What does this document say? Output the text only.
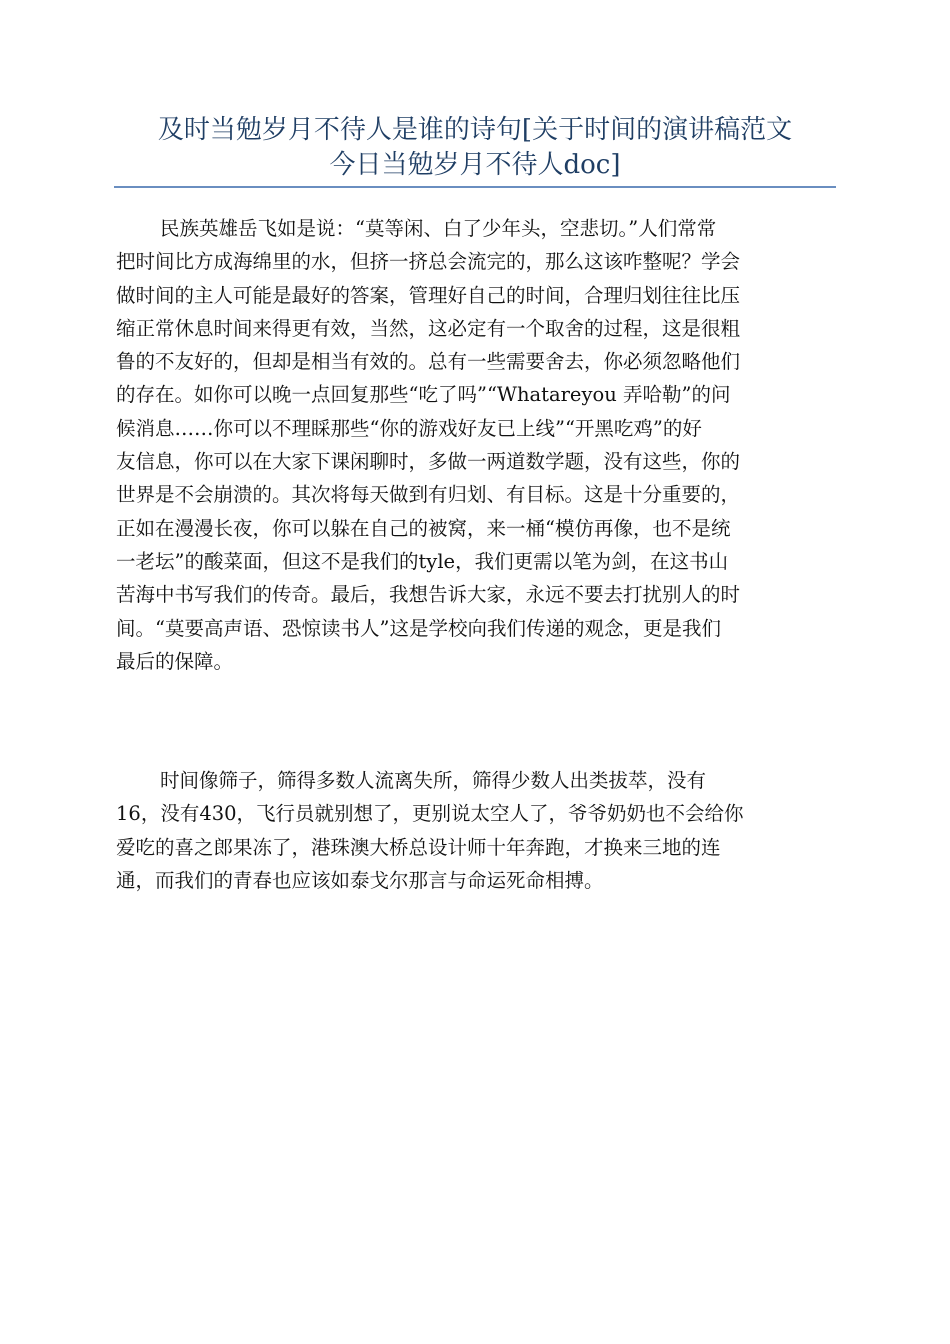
及时当勉岁月不待人是谁的诗句[关于时间的演讲稿范文
今日当勉岁月不待人doc]
民族英雄岳飞如是说：“莫等闲、白了少年头，空悲切。”人们常常
把时间比方成海绵里的水，但挤一挤总会流完的，那么这该咋整呢？学会
做时间的主人可能是最好的答案，管理好自己的时间，合理归划往往比压
缩正常休息时间来得更有效，当然，这必定有一个取舍的过程，这是很粗
鲁的不友好的，但却是相当有效的。总有一些需要舍去，你必须忽略他们
的存在。如你可以晚一点回复那些“吃了吗”“Whatareyou 弄哈勒”的问
候消息……你可以不理睬那些“你的游戏好友已上线”“开黑吃鸡”的好
友信息，你可以在大家下课闲聊时，多做一两道数学题，没有这些，你的
世界是不会崩溃的。其次将每天做到有归划、有目标。这是十分重要的，
正如在漫漫长夜，你可以躲在自己的被窝，来一桶“模仿再像，也不是统
一老坛”的酸菜面，但这不是我们的tyle，我们更需以笔为剑，在这书山
苦海中书写我们的传奇。最后，我想告诉大家，永远不要去打扰别人的时
间。“莫要高声语、恐惊读书人”这是学校向我们传递的观念，更是我们
最后的保障。
时间像筛子，筛得多数人流离失所，筛得少数人出类拔萃，没有
16，没有430，飞行员就别想了，更别说太空人了，爷爷奶奶也不会给你
爱吃的喜之郎果冻了，港珠澳大桥总设计师十年奔跑，才换来三地的连
通，而我们的青春也应该如泰戈尔那言与命运死命相搏。
